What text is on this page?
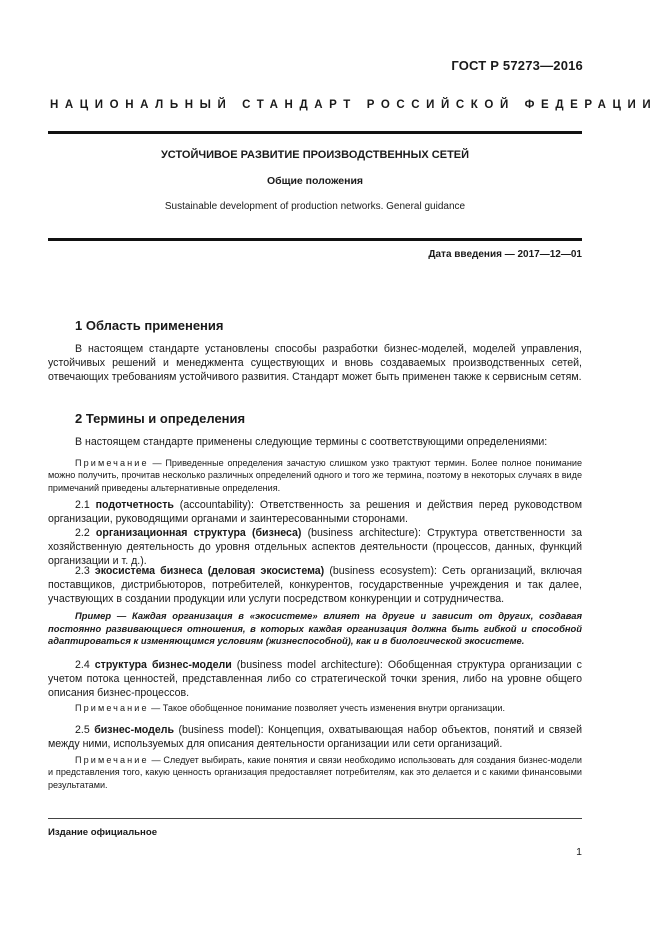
ГОСТ Р 57273—2016
НАЦИОНАЛЬНЫЙ СТАНДАРТ РОССИЙСКОЙ ФЕДЕРАЦИИ
УСТОЙЧИВОЕ РАЗВИТИЕ ПРОИЗВОДСТВЕННЫХ СЕТЕЙ
Общие положения
Sustainable development of production networks. General guidance
Дата введения — 2017—12—01
1 Область применения

В настоящем стандарте установлены способы разработки бизнес-моделей, моделей управления, устойчивых решений и менеджмента существующих и вновь создаваемых производственных сетей, отвечающих требованиям устойчивого развития. Стандарт может быть применен также к сервисным сетям.

2 Термины и определения

В настоящем стандарте применены следующие термины с соответствующими определениями:

Примечание — Приведенные определения зачастую слишком узко трактуют термин. Более полное понимание можно получить, прочитав несколько различных определений одного и того же термина, поэтому в некоторых случаях в виде примечаний приведены альтернативные определения.

2.1 подотчетность (accountability): Ответственность за решения и действия перед руководством организации, руководящими органами и заинтересованными сторонами.

2.2 организационная структура (бизнеса) (business architecture): Структура ответственности за хозяйственную деятельность до уровня отдельных аспектов деятельности (процессов, данных, функций организации и т. д.).

2.3 экосистема бизнеса (деловая экосистема) (business ecosystem): Сеть организаций, включая поставщиков, дистрибьюторов, потребителей, конкурентов, государственные учреждения и так далее, участвующих в создании продукции или услуги посредством конкуренции и сотрудничества.

Пример — Каждая организация в «экосистеме» влияет на другие и зависит от других, создавая постоянно развивающиеся отношения, в которых каждая организация должна быть гибкой и способной адаптироваться к изменяющимся условиям (жизнеспособной), как и в биологической экосистеме.

2.4 структура бизнес-модели (business model architecture): Обобщенная структура организации с учетом потока ценностей, представленная либо со стратегической точки зрения, либо на уровне общего описания бизнес-процессов.

Примечание — Такое обобщенное понимание позволяет учесть изменения внутри организации.

2.5 бизнес-модель (business model): Концепция, охватывающая набор объектов, понятий и связей между ними, используемых для описания деятельности организации или сети организаций.

Примечание — Следует выбирать, какие понятия и связи необходимо использовать для создания бизнес-модели и представления того, какую ценность организация предоставляет потребителям, как это делается и с какими финансовыми результатами.

Издание официальное
1
